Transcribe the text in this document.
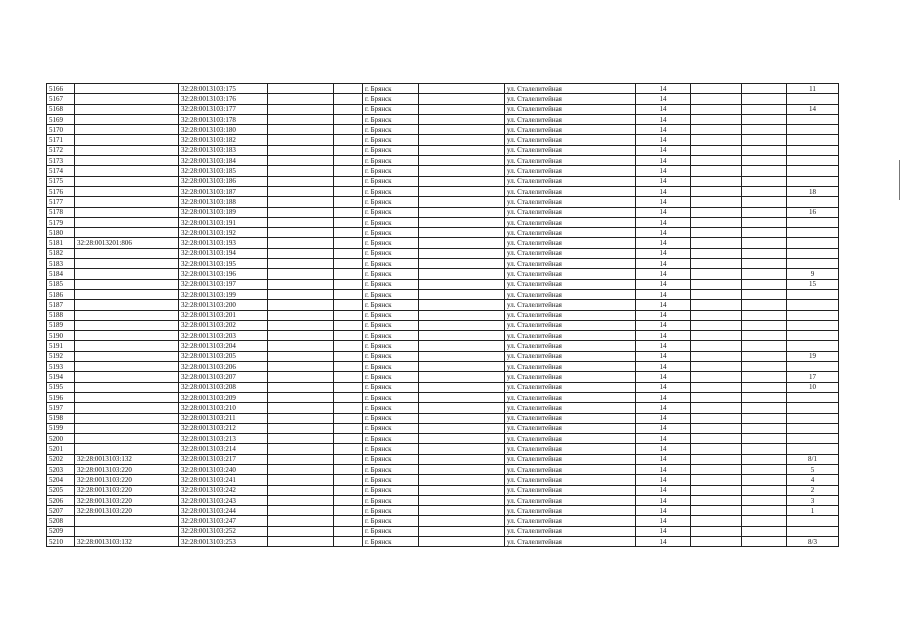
5166		32:28:0013103:175			г. Брянск		ул. Сталелитейная	14			11
5167		32:28:0013103:176			г. Брянск		ул. Сталелитейная	14			
5168		32:28:0013103:177			г. Брянск		ул. Сталелитейная	14			14
5169		32:28:0013103:178			г. Брянск		ул. Сталелитейная	14			
5170		32:28:0013103:180			г. Брянск		ул. Сталелитейная	14			
5171		32:28:0013103:182			г. Брянск		ул. Сталелитейная	14			
5172		32:28:0013103:183			г. Брянск		ул. Сталелитейная	14			
5173		32:28:0013103:184			г. Брянск		ул. Сталелитейная	14			
5174		32:28:0013103:185			г. Брянск		ул. Сталелитейная	14			
5175		32:28:0013103:186			г. Брянск		ул. Сталелитейная	14			
5176		32:28:0013103:187			г. Брянск		ул. Сталелитейная	14			18
5177		32:28:0013103:188			г. Брянск		ул. Сталелитейная	14			
5178		32:28:0013103:189			г. Брянск		ул. Сталелитейная	14			16
5179		32:28:0013103:191			г. Брянск		ул. Сталелитейная	14			
5180		32:28:0013103:192			г. Брянск		ул. Сталелитейная	14			
5181	32:28:0013201:806	32:28:0013103:193			г. Брянск		ул. Сталелитейная	14			
5182		32:28:0013103:194			г. Брянск		ул. Сталелитейная	14			
5183		32:28:0013103:195			г. Брянск		ул. Сталелитейная	14			
5184		32:28:0013103:196			г. Брянск		ул. Сталелитейная	14			9
5185		32:28:0013103:197			г. Брянск		ул. Сталелитейная	14			15
5186		32:28:0013103:199			г. Брянск		ул. Сталелитейная	14			
5187		32:28:0013103:200			г. Брянск		ул. Сталелитейная	14			
5188		32:28:0013103:201			г. Брянск		ул. Сталелитейная	14			
5189		32:28:0013103:202			г. Брянск		ул. Сталелитейная	14			
5190		32:28:0013103:203			г. Брянск		ул. Сталелитейная	14			
5191		32:28:0013103:204			г. Брянск		ул. Сталелитейная	14			
5192		32:28:0013103:205			г. Брянск		ул. Сталелитейная	14			19
5193		32:28:0013103:206			г. Брянск		ул. Сталелитейная	14			
5194		32:28:0013103:207			г. Брянск		ул. Сталелитейная	14			17
5195		32:28:0013103:208			г. Брянск		ул. Сталелитейная	14			10
5196		32:28:0013103:209			г. Брянск		ул. Сталелитейная	14			
5197		32:28:0013103:210			г. Брянск		ул. Сталелитейная	14			
5198		32:28:0013103:211			г. Брянск		ул. Сталелитейная	14			
5199		32:28:0013103:212			г. Брянск		ул. Сталелитейная	14			
5200		32:28:0013103:213			г. Брянск		ул. Сталелитейная	14			
5201		32:28:0013103:214			г. Брянск		ул. Сталелитейная	14			
5202	32:28:0013103:132	32:28:0013103:217			г. Брянск		ул. Сталелитейная	14			8/1
5203	32:28:0013103:220	32:28:0013103:240			г. Брянск		ул. Сталелитейная	14			5
5204	32:28:0013103:220	32:28:0013103:241			г. Брянск		ул. Сталелитейная	14			4
5205	32:28:0013103:220	32:28:0013103:242			г. Брянск		ул. Сталелитейная	14			2
5206	32:28:0013103:220	32:28:0013103:243			г. Брянск		ул. Сталелитейная	14			3
5207	32:28:0013103:220	32:28:0013103:244			г. Брянск		ул. Сталелитейная	14			1
5208		32:28:0013103:247			г. Брянск		ул. Сталелитейная	14			
5209		32:28:0013103:252			г. Брянск		ул. Сталелитейная	14			
5210	32:28:0013103:132	32:28:0013103:253			г. Брянск		ул. Сталелитейная	14			8/3
